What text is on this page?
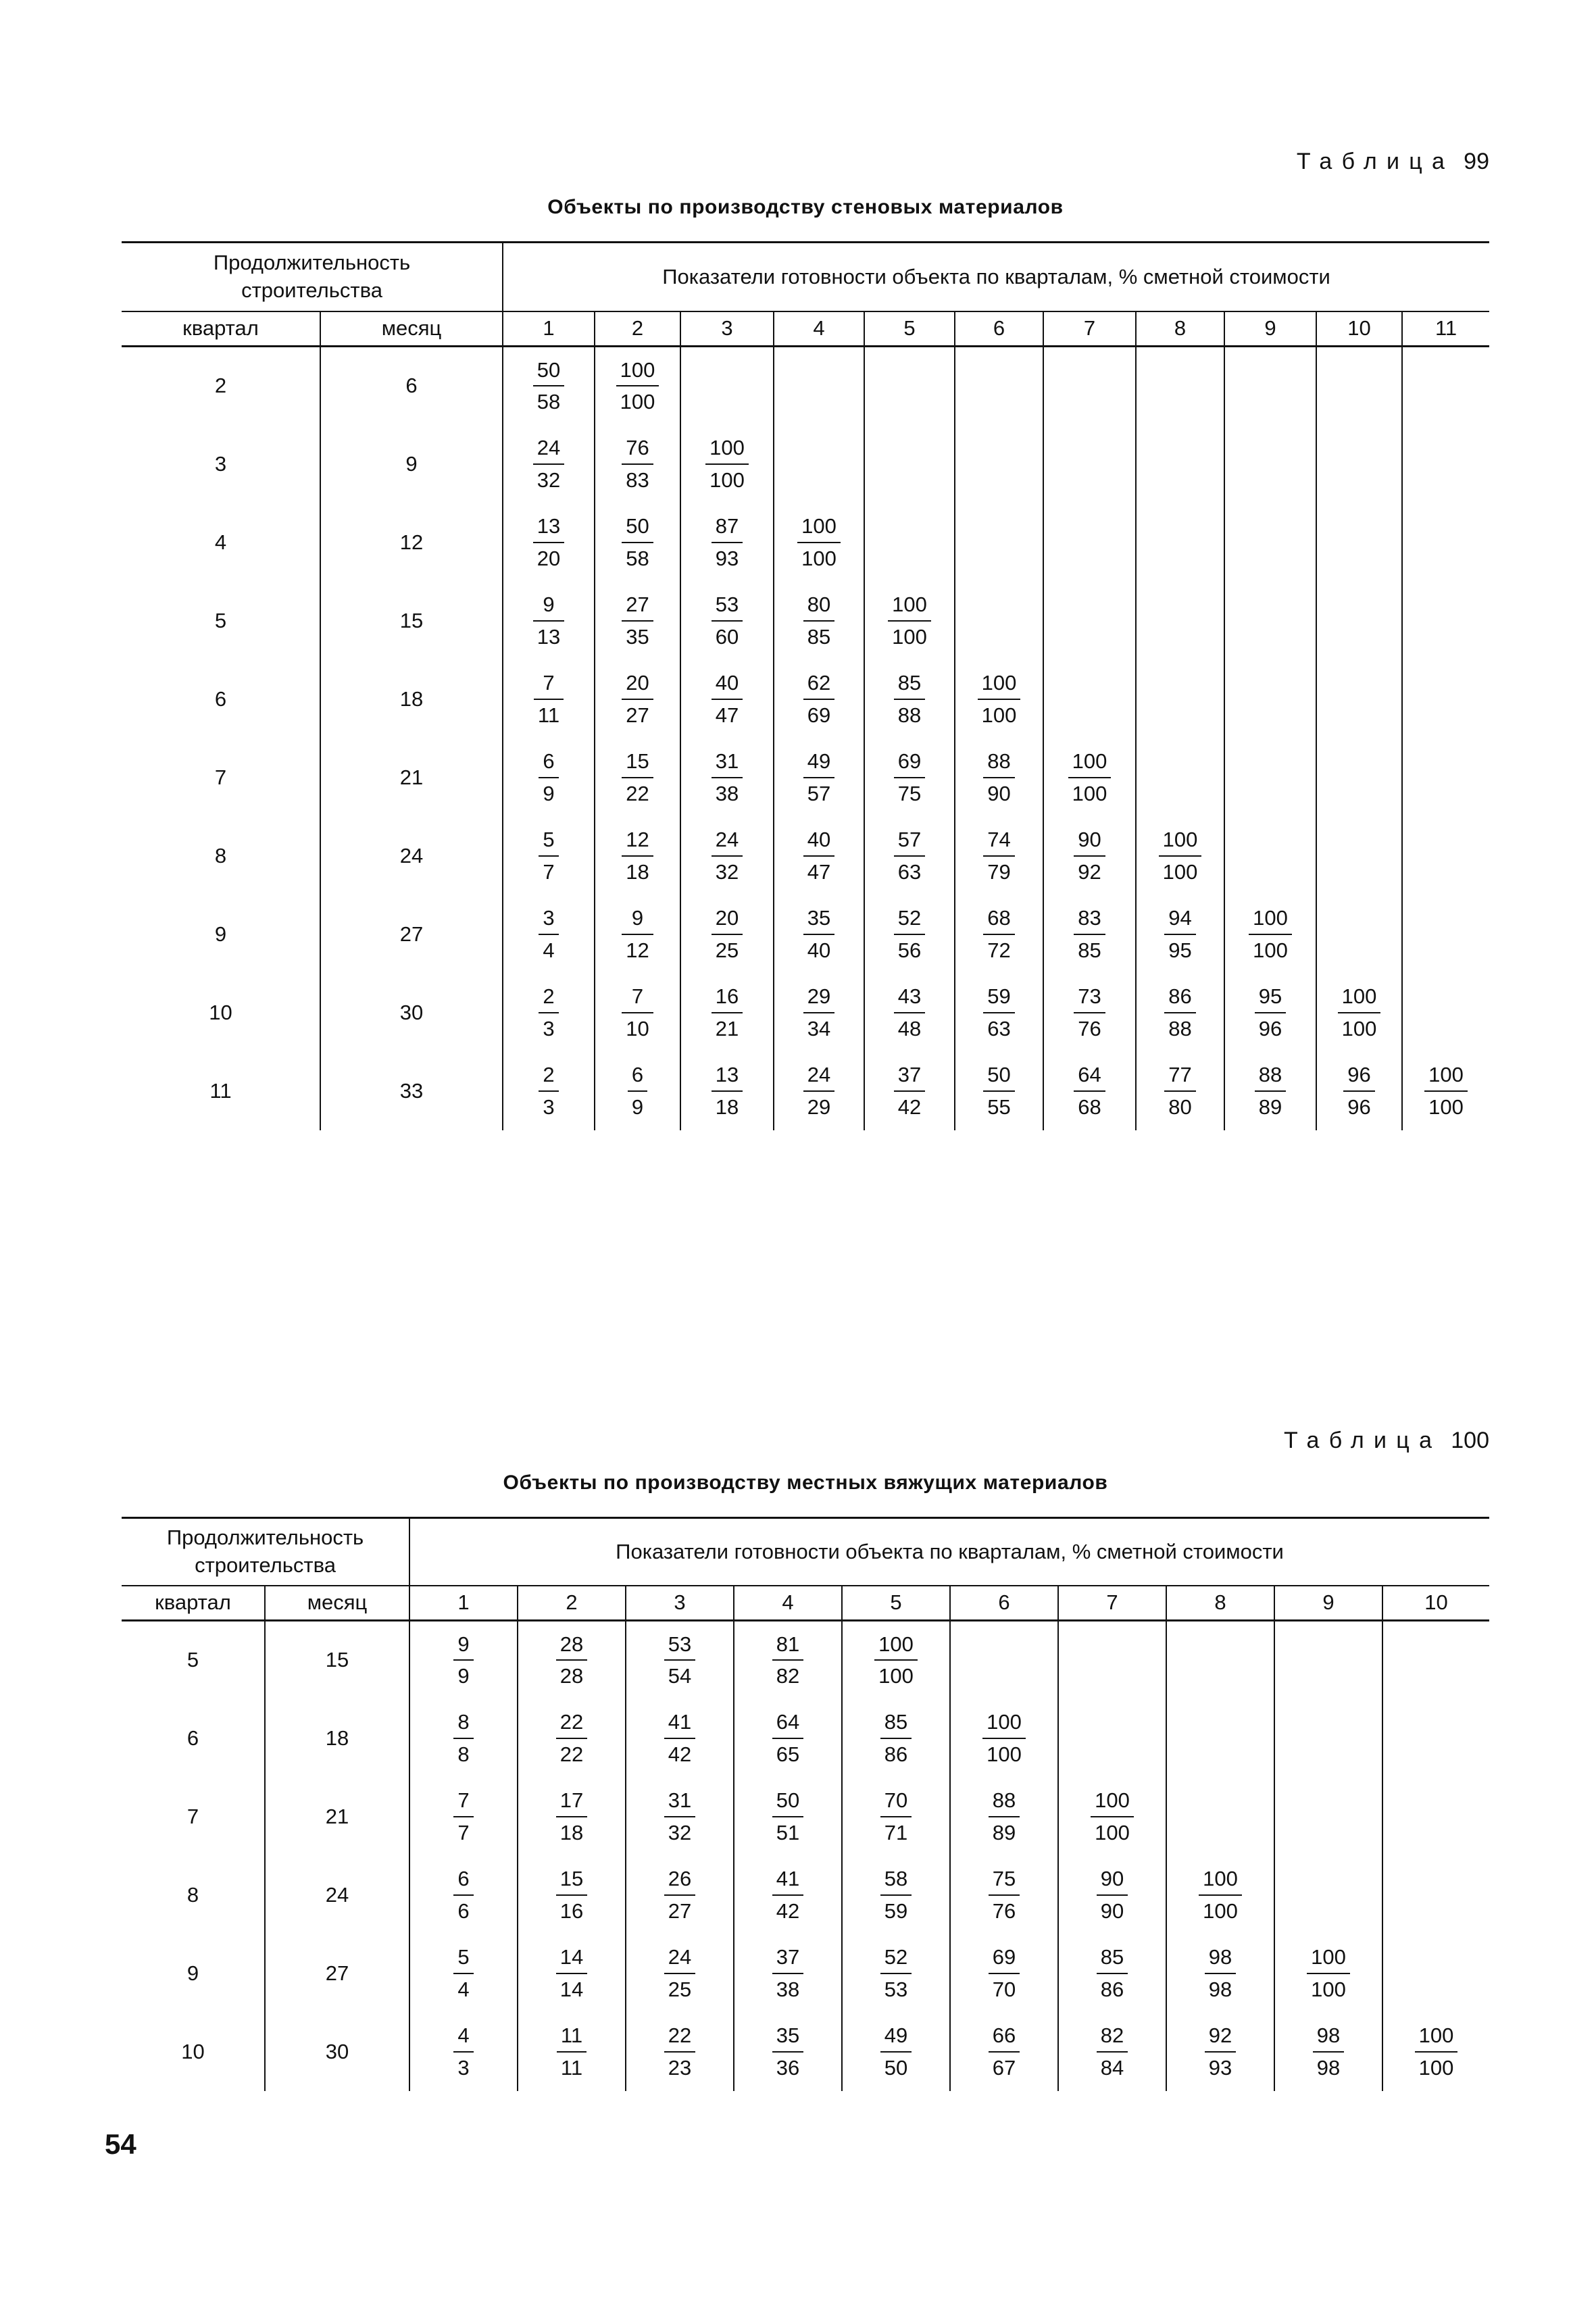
Таблица 99
Объекты по производству стеновых материалов
Продолжительность строительства		Показатели готовности объекта по кварталам, % сметной стоимости										
квартал	месяц	1	2	3	4	5	6	7	8	9	10	11
2	6	$\frac{50}{58}$	$\frac{100}{100}$

3	9	$\frac{24}{32}$	$\frac{76}{83}$	$\frac{100}{100}$

4	12	$\frac{13}{20}$	$\frac{50}{58}$	$\frac{87}{93}$	$\frac{100}{100}$

5	15	$\frac{9}{13}$	$\frac{27}{35}$	$\frac{53}{60}$	$\frac{80}{85}$	$\frac{100}{100}$

6	18	$\frac{7}{11}$	$\frac{20}{27}$	$\frac{40}{47}$	$\frac{62}{69}$	$\frac{85}{88}$	$\frac{100}{100}$

7	21	$\frac{6}{9}$	$\frac{15}{22}$	$\frac{31}{38}$	$\frac{49}{57}$	$\frac{69}{75}$	$\frac{88}{90}$	$\frac{100}{100}$

8	24	$\frac{5}{7}$	$\frac{12}{18}$	$\frac{24}{32}$	$\frac{40}{47}$	$\frac{57}{63}$	$\frac{74}{79}$	$\frac{90}{92}$	$\frac{100}{100}$

9	27	$\frac{3}{4}$	$\frac{9}{12}$	$\frac{20}{25}$	$\frac{35}{40}$	$\frac{52}{56}$	$\frac{68}{72}$	$\frac{83}{85}$	$\frac{94}{95}$	$\frac{100}{100}$

10	30	$\frac{2}{3}$	$\frac{7}{10}$	$\frac{16}{21}$	$\frac{29}{34}$	$\frac{43}{48}$	$\frac{59}{63}$	$\frac{73}{76}$	$\frac{86}{88}$	$\frac{95}{96}$	$\frac{100}{100}$

11	33	$\frac{2}{3}$	$\frac{6}{9}$	$\frac{13}{18}$	$\frac{24}{29}$	$\frac{37}{42}$	$\frac{50}{55}$	$\frac{64}{68}$	$\frac{77}{80}$	$\frac{88}{89}$	$\frac{96}{96}$	$\frac{100}{100}$
Таблица 100
Объекты по производству местных вяжущих материалов
Продолжительность строительства		Показатели готовности объекта по кварталам, % сметной стоимости									
квартал	месяц	1	2	3	4	5	6	7	8	9	10
5	15	$\frac{9}{9}$	$\frac{28}{28}$	$\frac{53}{54}$	$\frac{81}{82}$	$\frac{100}{100}$

6	18	$\frac{8}{8}$	$\frac{22}{22}$	$\frac{41}{42}$	$\frac{64}{65}$	$\frac{85}{86}$	$\frac{100}{100}$

7	21	$\frac{7}{7}$	$\frac{17}{18}$	$\frac{31}{32}$	$\frac{50}{51}$	$\frac{70}{71}$	$\frac{88}{89}$	$\frac{100}{100}$

8	24	$\frac{6}{6}$	$\frac{15}{16}$	$\frac{26}{27}$	$\frac{41}{42}$	$\frac{58}{59}$	$\frac{75}{76}$	$\frac{90}{90}$	$\frac{100}{100}$

9	27	$\frac{5}{4}$	$\frac{14}{14}$	$\frac{24}{25}$	$\frac{37}{38}$	$\frac{52}{53}$	$\frac{69}{70}$	$\frac{85}{86}$	$\frac{98}{98}$	$\frac{100}{100}$

10	30	$\frac{4}{3}$	$\frac{11}{11}$	$\frac{22}{23}$	$\frac{35}{36}$	$\frac{49}{50}$	$\frac{66}{67}$	$\frac{82}{84}$	$\frac{92}{93}$	$\frac{98}{98}$	$\frac{100}{100}$
54
